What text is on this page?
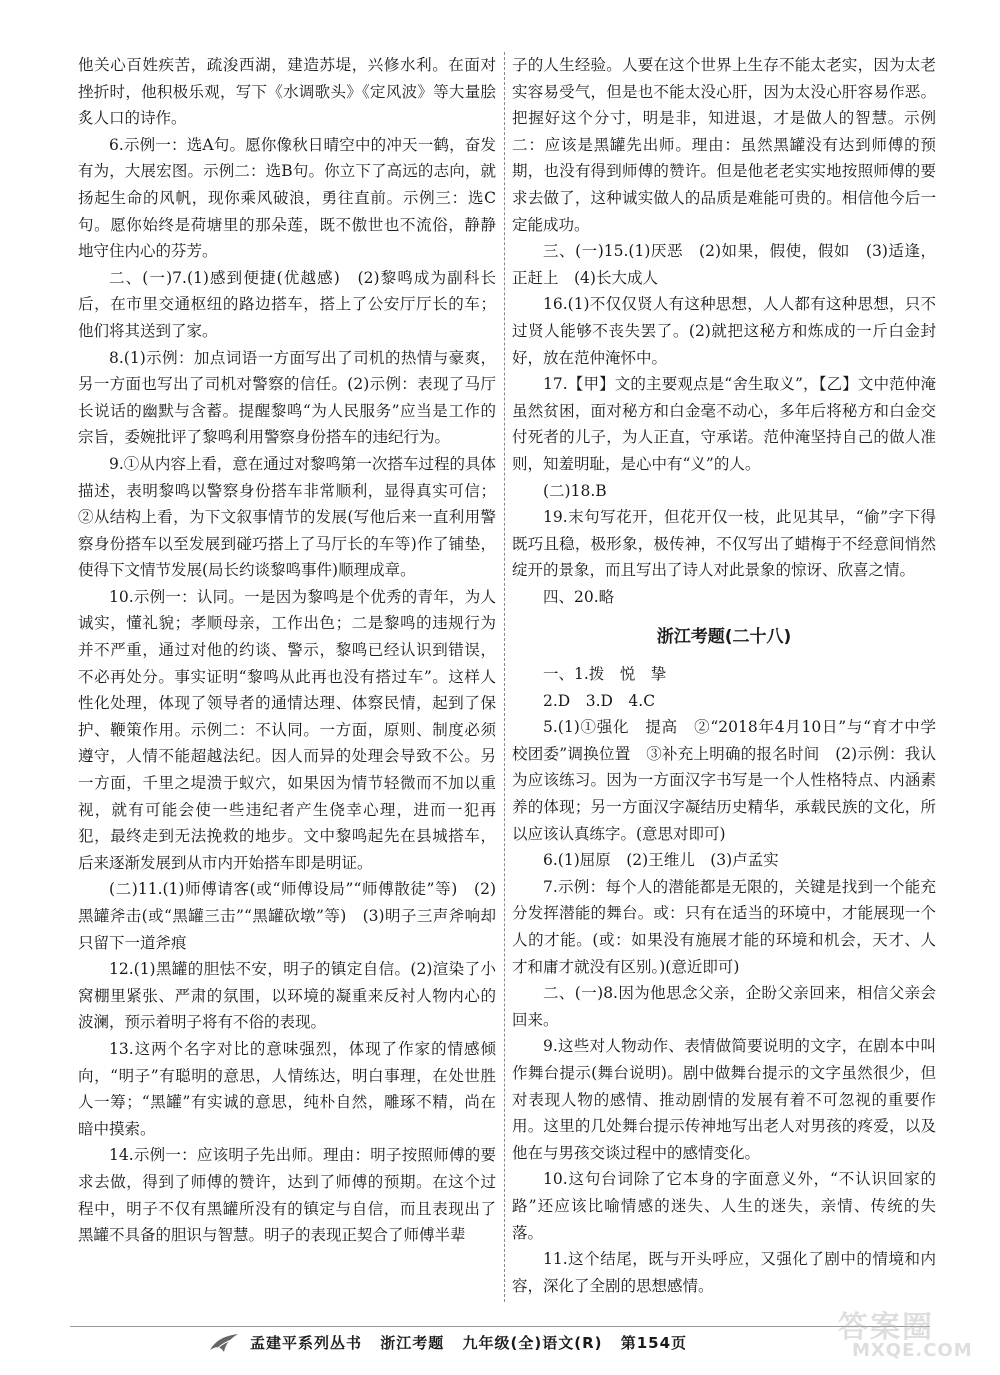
他关心百姓疾苦，疏浚西湖，建造苏堤，兴修水利。在面对挫折时，他积极乐观，写下《水调歌头》《定风波》等大量脍炙人口的诗作。

6.示例一：选A句。愿你像秋日晴空中的冲天一鹤，奋发有为，大展宏图。示例二：选B句。你立下了高远的志向，就扬起生命的风帆，现你乘风破浪，勇往直前。示例三：选C句。愿你始终是荷塘里的那朵莲，既不傲世也不流俗，静静地守住内心的芬芳。

二、(一)7.(1)感到便捷(优越感)　(2)黎鸣成为副科长后，在市里交通枢纽的路边搭车，搭上了公安厅厅长的车；他们将其送到了家。

8.(1)示例：加点词语一方面写出了司机的热情与豪爽，另一方面也写出了司机对警察的信任。(2)示例：表现了马厅长说话的幽默与含蓄。提醒黎鸣“为人民服务”应当是工作的宗旨，委婉批评了黎鸣利用警察身份搭车的违纪行为。

9.①从内容上看，意在通过对黎鸣第一次搭车过程的具体描述，表明黎鸣以警察身份搭车非常顺利，显得真实可信；②从结构上看，为下文叙事情节的发展(写他后来一直利用警察身份搭车以至发展到碰巧搭上了马厅长的车等)作了铺垫，使得下文情节发展(局长约谈黎鸣事件)顺理成章。

10.示例一：认同。一是因为黎鸣是个优秀的青年，为人诚实，懂礼貌；孝顺母亲，工作出色；二是黎鸣的违规行为并不严重，通过对他的约谈、警示，黎鸣已经认识到错误，不必再处分。事实证明“黎鸣从此再也没有搭过车”。这样人性化处理，体现了领导者的通情达理、体察民情，起到了保护、鞭策作用。示例二：不认同。一方面，原则、制度必须遵守，人情不能超越法纪。因人而异的处理会导致不公。另一方面，千里之堤溃于蚁穴，如果因为情节轻微而不加以重视，就有可能会使一些违纪者产生侥幸心理，进而一犯再犯，最终走到无法挽救的地步。文中黎鸣起先在县城搭车，后来逐渐发展到从市内开始搭车即是明证。

(二)11.(1)师傅请客(或“师傅设局”“师傅散徒”等)　(2)黑罐斧击(或“黑罐三击”“黑罐砍墩”等)　(3)明子三声斧响却只留下一道斧痕

12.(1)黑罐的胆怯不安，明子的镇定自信。(2)渲染了小窝棚里紧张、严肃的氛围，以环境的凝重来反衬人物内心的波澜，预示着明子将有不俗的表现。

13.这两个名字对比的意味强烈，体现了作家的情感倾向，“明子”有聪明的意思，人情练达，明白事理，在处世胜人一筹；“黑罐”有实诚的意思，纯朴自然，雕琢不精，尚在暗中摸索。

14.示例一：应该明子先出师。理由：明子按照师傅的要求去做，得到了师傅的赞许，达到了师傅的预期。在这个过程中，明子不仅有黑罐所没有的镇定与自信，而且表现出了黑罐不具备的胆识与智慧。明子的表现正契合了师傅半辈

子的人生经验。人要在这个世界上生存不能太老实，因为太老实容易受气，但是也不能太没心肝，因为太没心肝容易作恶。把握好这个分寸，明是非，知进退，才是做人的智慧。示例二：应该是黑罐先出师。理由：虽然黑罐没有达到师傅的预期，也没有得到师傅的赞许。但是他老老实实地按照师傅的要求去做了，这种诚实做人的品质是难能可贵的。相信他今后一定能成功。

三、(一)15.(1)厌恶　(2)如果，假使，假如　(3)适逢，正赶上　(4)长大成人

16.(1)不仅仅贤人有这种思想，人人都有这种思想，只不过贤人能够不丧失罢了。(2)就把这秘方和炼成的一斤白金封好，放在范仲淹怀中。

17.【甲】文的主要观点是“舍生取义”，【乙】文中范仲淹虽然贫困，面对秘方和白金毫不动心，多年后将秘方和白金交付死者的儿子，为人正直，守承诺。范仲淹坚持自己的做人准则，知羞明耻，是心中有“义”的人。

(二)18.B

19.末句写花开，但花开仅一枝，此见其早，“偷”字下得既巧且稳，极形象，极传神，不仅写出了蜡梅于不经意间悄然绽开的景象，而且写出了诗人对此景象的惊讶、欣喜之情。

四、20.略

浙江考题(二十八)

一、1.拨　悦　挚

2.D　3.D　4.C

5.(1)①强化　提高　②“2018年4月10日”与“育才中学校团委”调换位置　③补充上明确的报名时间　(2)示例：我认为应该练习。因为一方面汉字书写是一个人性格特点、内涵素养的体现；另一方面汉字凝结历史精华，承载民族的文化，所以应该认真练字。(意思对即可)

6.(1)屈原　(2)王维儿　(3)卢孟实

7.示例：每个人的潜能都是无限的，关键是找到一个能充分发挥潜能的舞台。或：只有在适当的环境中，才能展现一个人的才能。(或：如果没有施展才能的环境和机会，天才、人才和庸才就没有区别。)(意近即可)

二、(一)8.因为他思念父亲，企盼父亲回来，相信父亲会回来。

9.这些对人物动作、表情做简要说明的文字，在剧本中叫作舞台提示(舞台说明)。剧中做舞台提示的文字虽然很少，但对表现人物的感情、推动剧情的发展有着不可忽视的重要作用。这里的几处舞台提示传神地写出老人对男孩的疼爱，以及他在与男孩交谈过程中的感情变化。

10.这句台词除了它本身的字面意义外，“不认识回家的路”还应该比喻情感的迷失、人生的迷失，亲情、传统的失落。

11.这个结尾，既与开头呼应，又强化了剧中的情境和内容，深化了全剧的思想感情。

孟建平系列丛书 浙江考题 九年级(全)语文(R) 第154页	答案圈
MXQE.COM
